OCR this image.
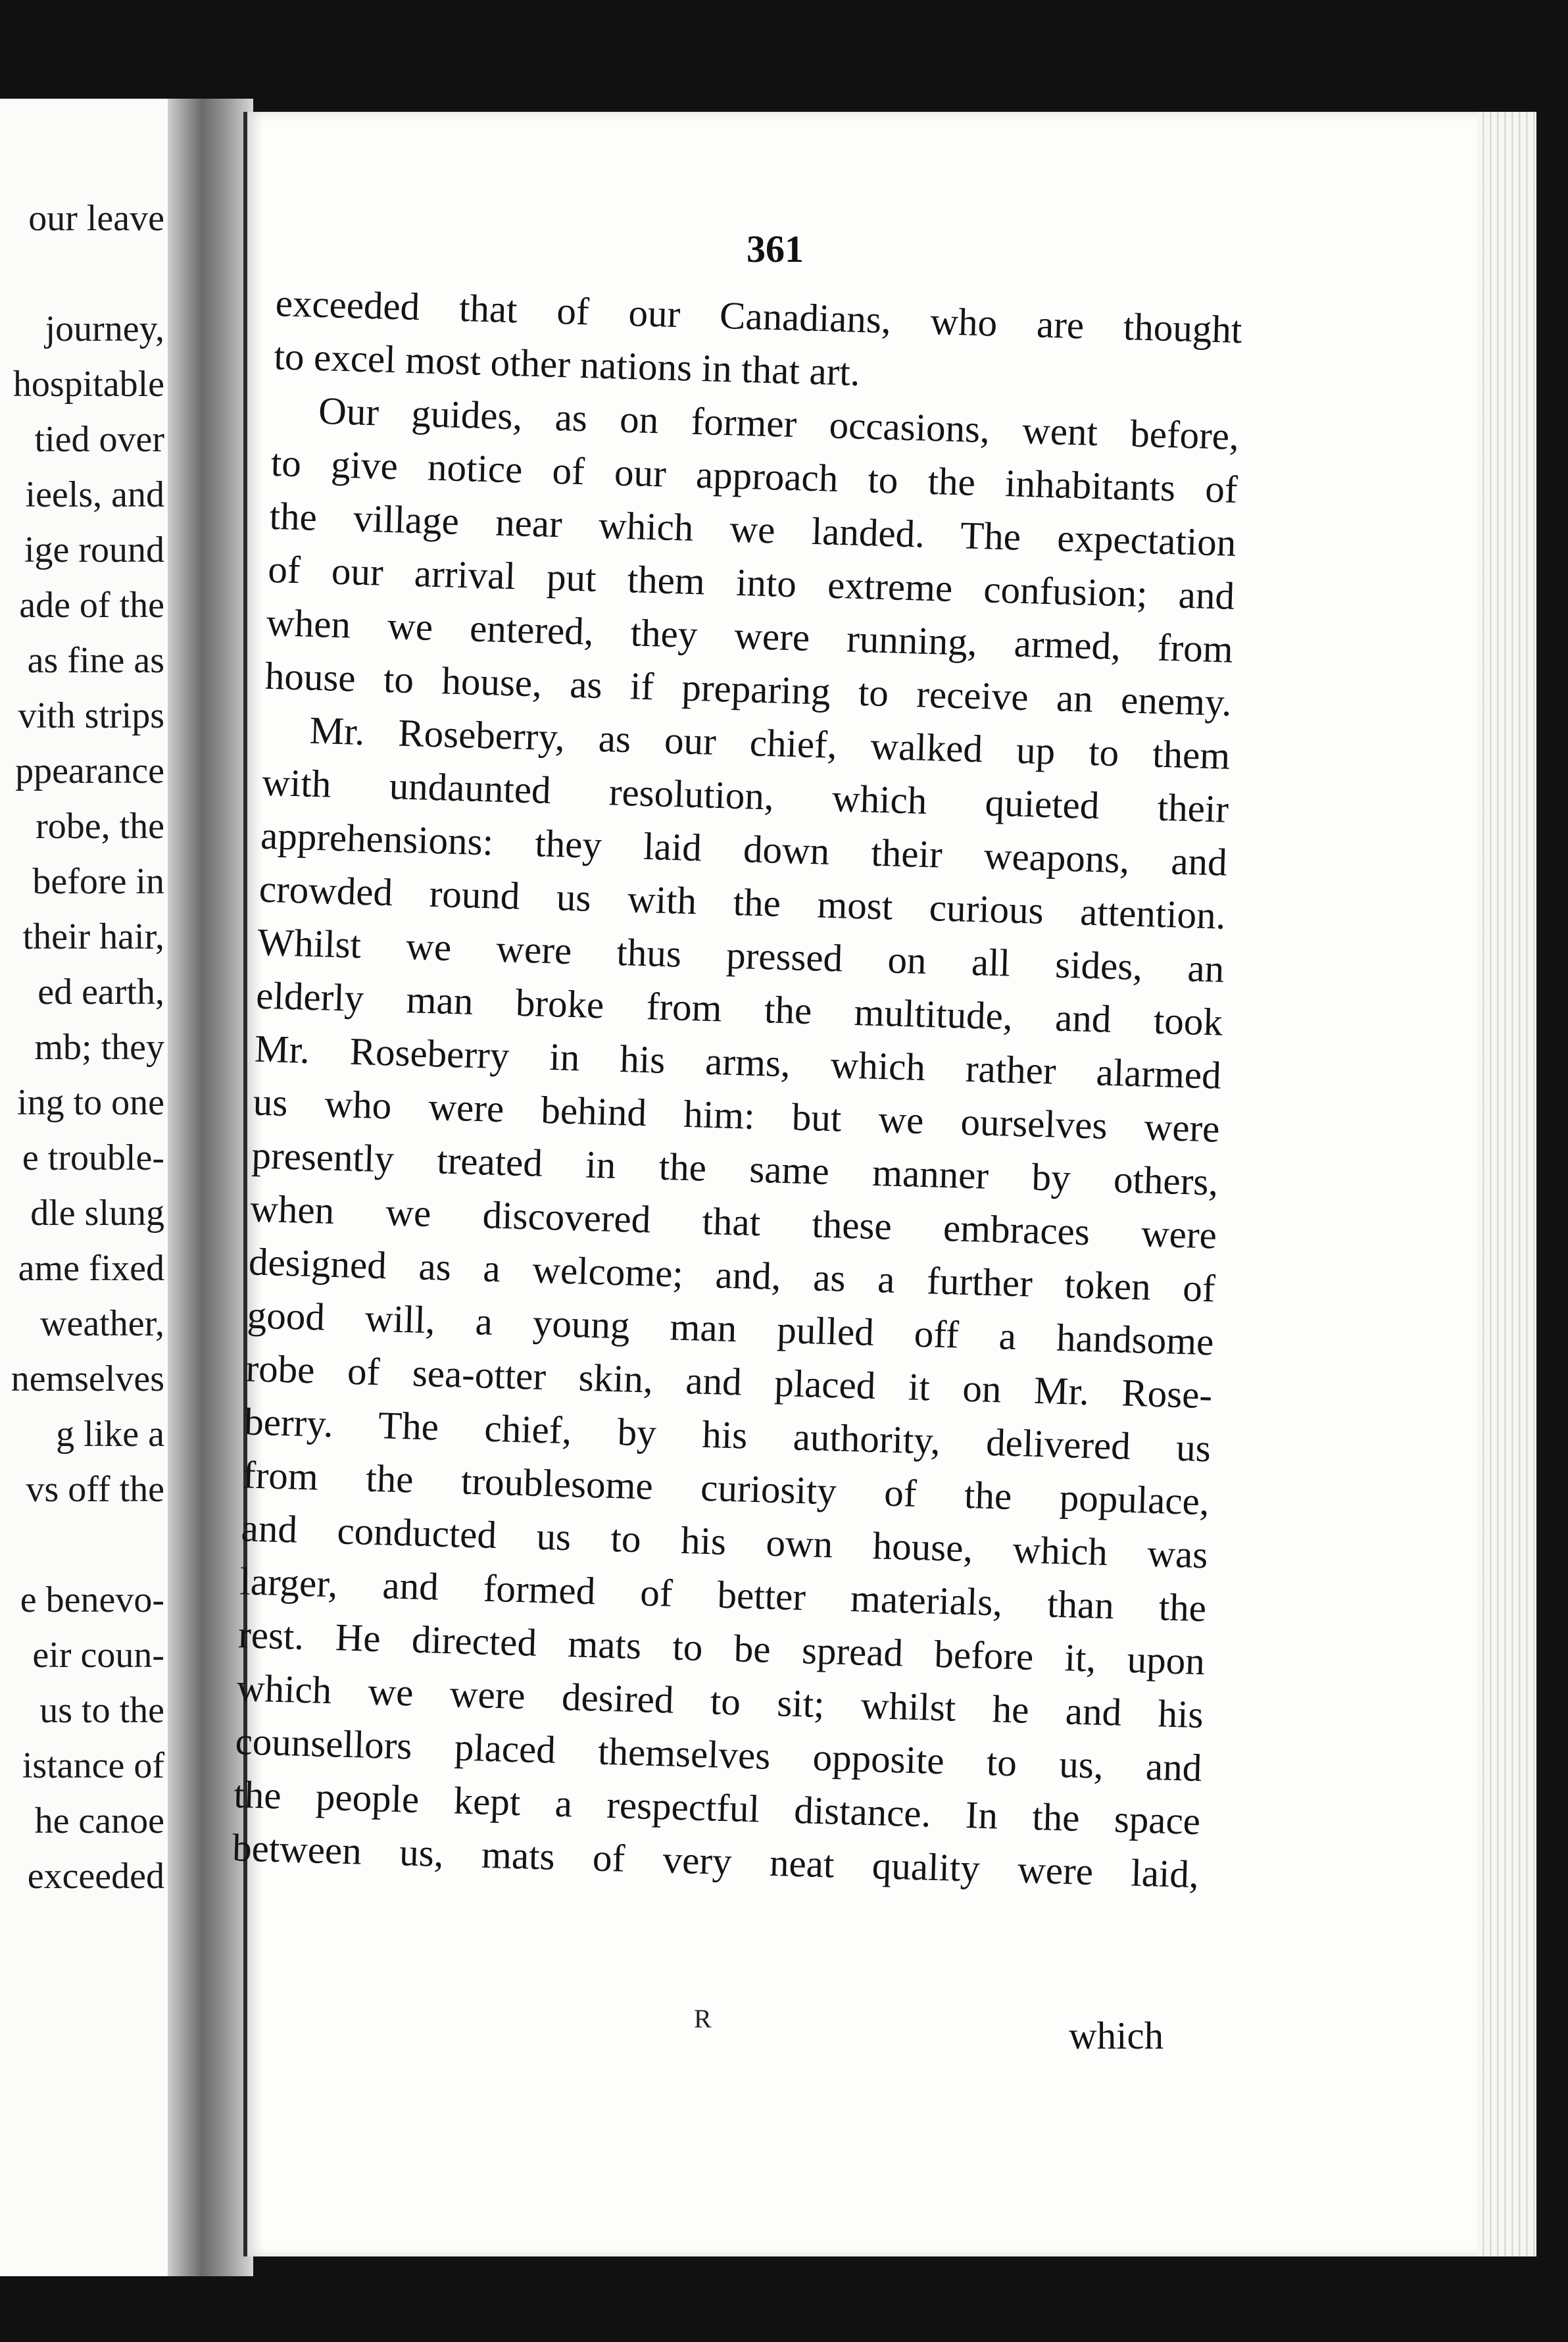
our leave
journey,
hospitable
tied over
ieels, and
ige round
ade of the
as fine as
vith strips
ppearance
robe, the
before in
their hair,
ed earth,
mb; they
ing to one
e trouble-
dle slung
ame fixed
weather,
nemselves
g like a
vs off the
e benevo-
eir coun-
us to the
istance of
he canoe
exceeded
361
exceeded that of our Canadians, who are thought
to excel most other nations in that art.
Our guides, as on former occasions, went before,
to give notice of our approach to the inhabitants of
the village near which we landed. The expectation
of our arrival put them into extreme confusion; and
when we entered, they were running, armed, from
house to house, as if preparing to receive an enemy.
Mr. Roseberry, as our chief, walked up to them
with undaunted resolution, which quieted their
apprehensions: they laid down their weapons, and
crowded round us with the most curious attention.
Whilst we were thus pressed on all sides, an
elderly man broke from the multitude, and took
Mr. Roseberry in his arms, which rather alarmed
us who were behind him: but we ourselves were
presently treated in the same manner by others,
when we discovered that these embraces were
designed as a welcome; and, as a further token of
good will, a young man pulled off a handsome
robe of sea-otter skin, and placed it on Mr. Rose-
berry. The chief, by his authority, delivered us
from the troublesome curiosity of the populace,
and conducted us to his own house, which was
larger, and formed of better materials, than the
rest. He directed mats to be spread before it, upon
which we were desired to sit; whilst he and his
counsellors placed themselves opposite to us, and
the people kept a respectful distance. In the space
between us, mats of very neat quality were laid,
R	which
